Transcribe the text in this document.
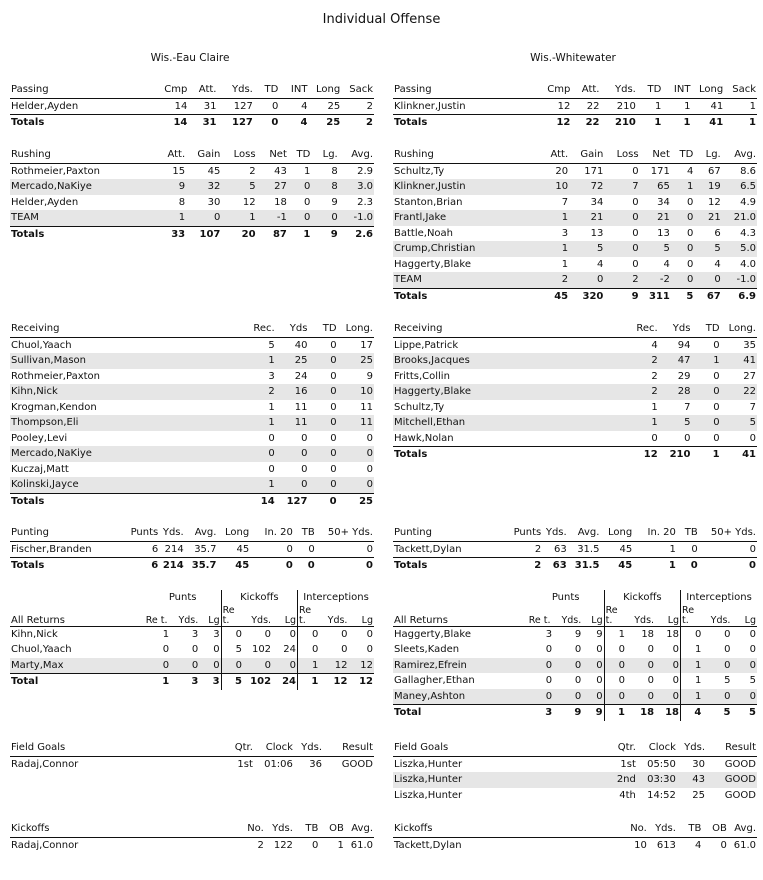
Individual Offense
Wis.-Eau Claire	Wis.-Whitewater
Passing	Cmp	Att.	Yds.	TD	INT	Long	Sack
Helder,Ayden	14	31	127	0	4	25	2
Totals	14	31	127	0	4	25	2
Rushing	Att.	Gain	Loss	Net	TD	Lg.	Avg.
Rothmeier,Paxton	15	45	2	43	1	8	2.9
Mercado,NaKiye	9	32	5	27	0	8	3.0
Helder,Ayden	8	30	12	18	0	9	2.3
TEAM	1	0	1	-1	0	0	-1.0
Totals	33	107	20	87	1	9	2.6
Receiving	Rec.	Yds	TD	Long.
Chuol,Yaach	5	40	0	17
Sullivan,Mason	1	25	0	25
Rothmeier,Paxton	3	24	0	9
Kihn,Nick	2	16	0	10
Krogman,Kendon	1	11	0	11
Thompson,Eli	1	11	0	11
Pooley,Levi	0	0	0	0
Mercado,NaKiye	0	0	0	0
Kuczaj,Matt	0	0	0	0
Kolinski,Jayce	1	0	0	0
Totals	14	127	0	25
Punting	Punts	Yds.	Avg.	Long	In. 20	TB	50+ Yds.
Fischer,Branden	6	214	35.7	45	0	0	0
Totals	6	214	35.7	45	0	0	0
	Punts			Kickoffs			Interceptions		
All Returns	Re t.	Yds.	Lg	Re t.	Yds.	Lg	Re t.	Yds.	Lg
Kihn,Nick	1	3	3	0	0	0	0	0	0
Chuol,Yaach	0	0	0	5	102	24	0	0	0
Marty,Max	0	0	0	0	0	0	1	12	12
Total	1	3	3	5	102	24	1	12	12
Field Goals	Qtr.	Clock	Yds.	Result
Radaj,Connor	1st	01:06	36	GOOD
Kickoffs	No.	Yds.	TB	OB	Avg.
Radaj,Connor	2	122	0	1	61.0
Passing	Cmp	Att.	Yds.	TD	INT	Long	Sack
Klinkner,Justin	12	22	210	1	1	41	1
Totals	12	22	210	1	1	41	1
Rushing	Att.	Gain	Loss	Net	TD	Lg.	Avg.
Schultz,Ty	20	171	0	171	4	67	8.6
Klinkner,Justin	10	72	7	65	1	19	6.5
Stanton,Brian	7	34	0	34	0	12	4.9
Frantl,Jake	1	21	0	21	0	21	21.0
Battle,Noah	3	13	0	13	0	6	4.3
Crump,Christian	1	5	0	5	0	5	5.0
Haggerty,Blake	1	4	0	4	0	4	4.0
TEAM	2	0	2	-2	0	0	-1.0
Totals	45	320	9	311	5	67	6.9
Receiving	Rec.	Yds	TD	Long.
Lippe,Patrick	4	94	0	35
Brooks,Jacques	2	47	1	41
Fritts,Collin	2	29	0	27
Haggerty,Blake	2	28	0	22
Schultz,Ty	1	7	0	7
Mitchell,Ethan	1	5	0	5
Hawk,Nolan	0	0	0	0
Totals	12	210	1	41
Punting	Punts	Yds.	Avg.	Long	In. 20	TB	50+ Yds.
Tackett,Dylan	2	63	31.5	45	1	0	0
Totals	2	63	31.5	45	1	0	0
	Punts			Kickoffs			Interceptions		
All Returns	Re t.	Yds.	Lg	Re t.	Yds.	Lg	Re t.	Yds.	Lg
Haggerty,Blake	3	9	9	1	18	18	0	0	0
Sleets,Kaden	0	0	0	0	0	0	1	0	0
Ramirez,Efrein	0	0	0	0	0	0	1	0	0
Gallagher,Ethan	0	0	0	0	0	0	1	5	5
Maney,Ashton	0	0	0	0	0	0	1	0	0
Total	3	9	9	1	18	18	4	5	5
Field Goals	Qtr.	Clock	Yds.	Result
Liszka,Hunter	1st	05:50	30	GOOD
Liszka,Hunter	2nd	03:30	43	GOOD
Liszka,Hunter	4th	14:52	25	GOOD
Kickoffs	No.	Yds.	TB	OB	Avg.
Tackett,Dylan	10	613	4	0	61.0
